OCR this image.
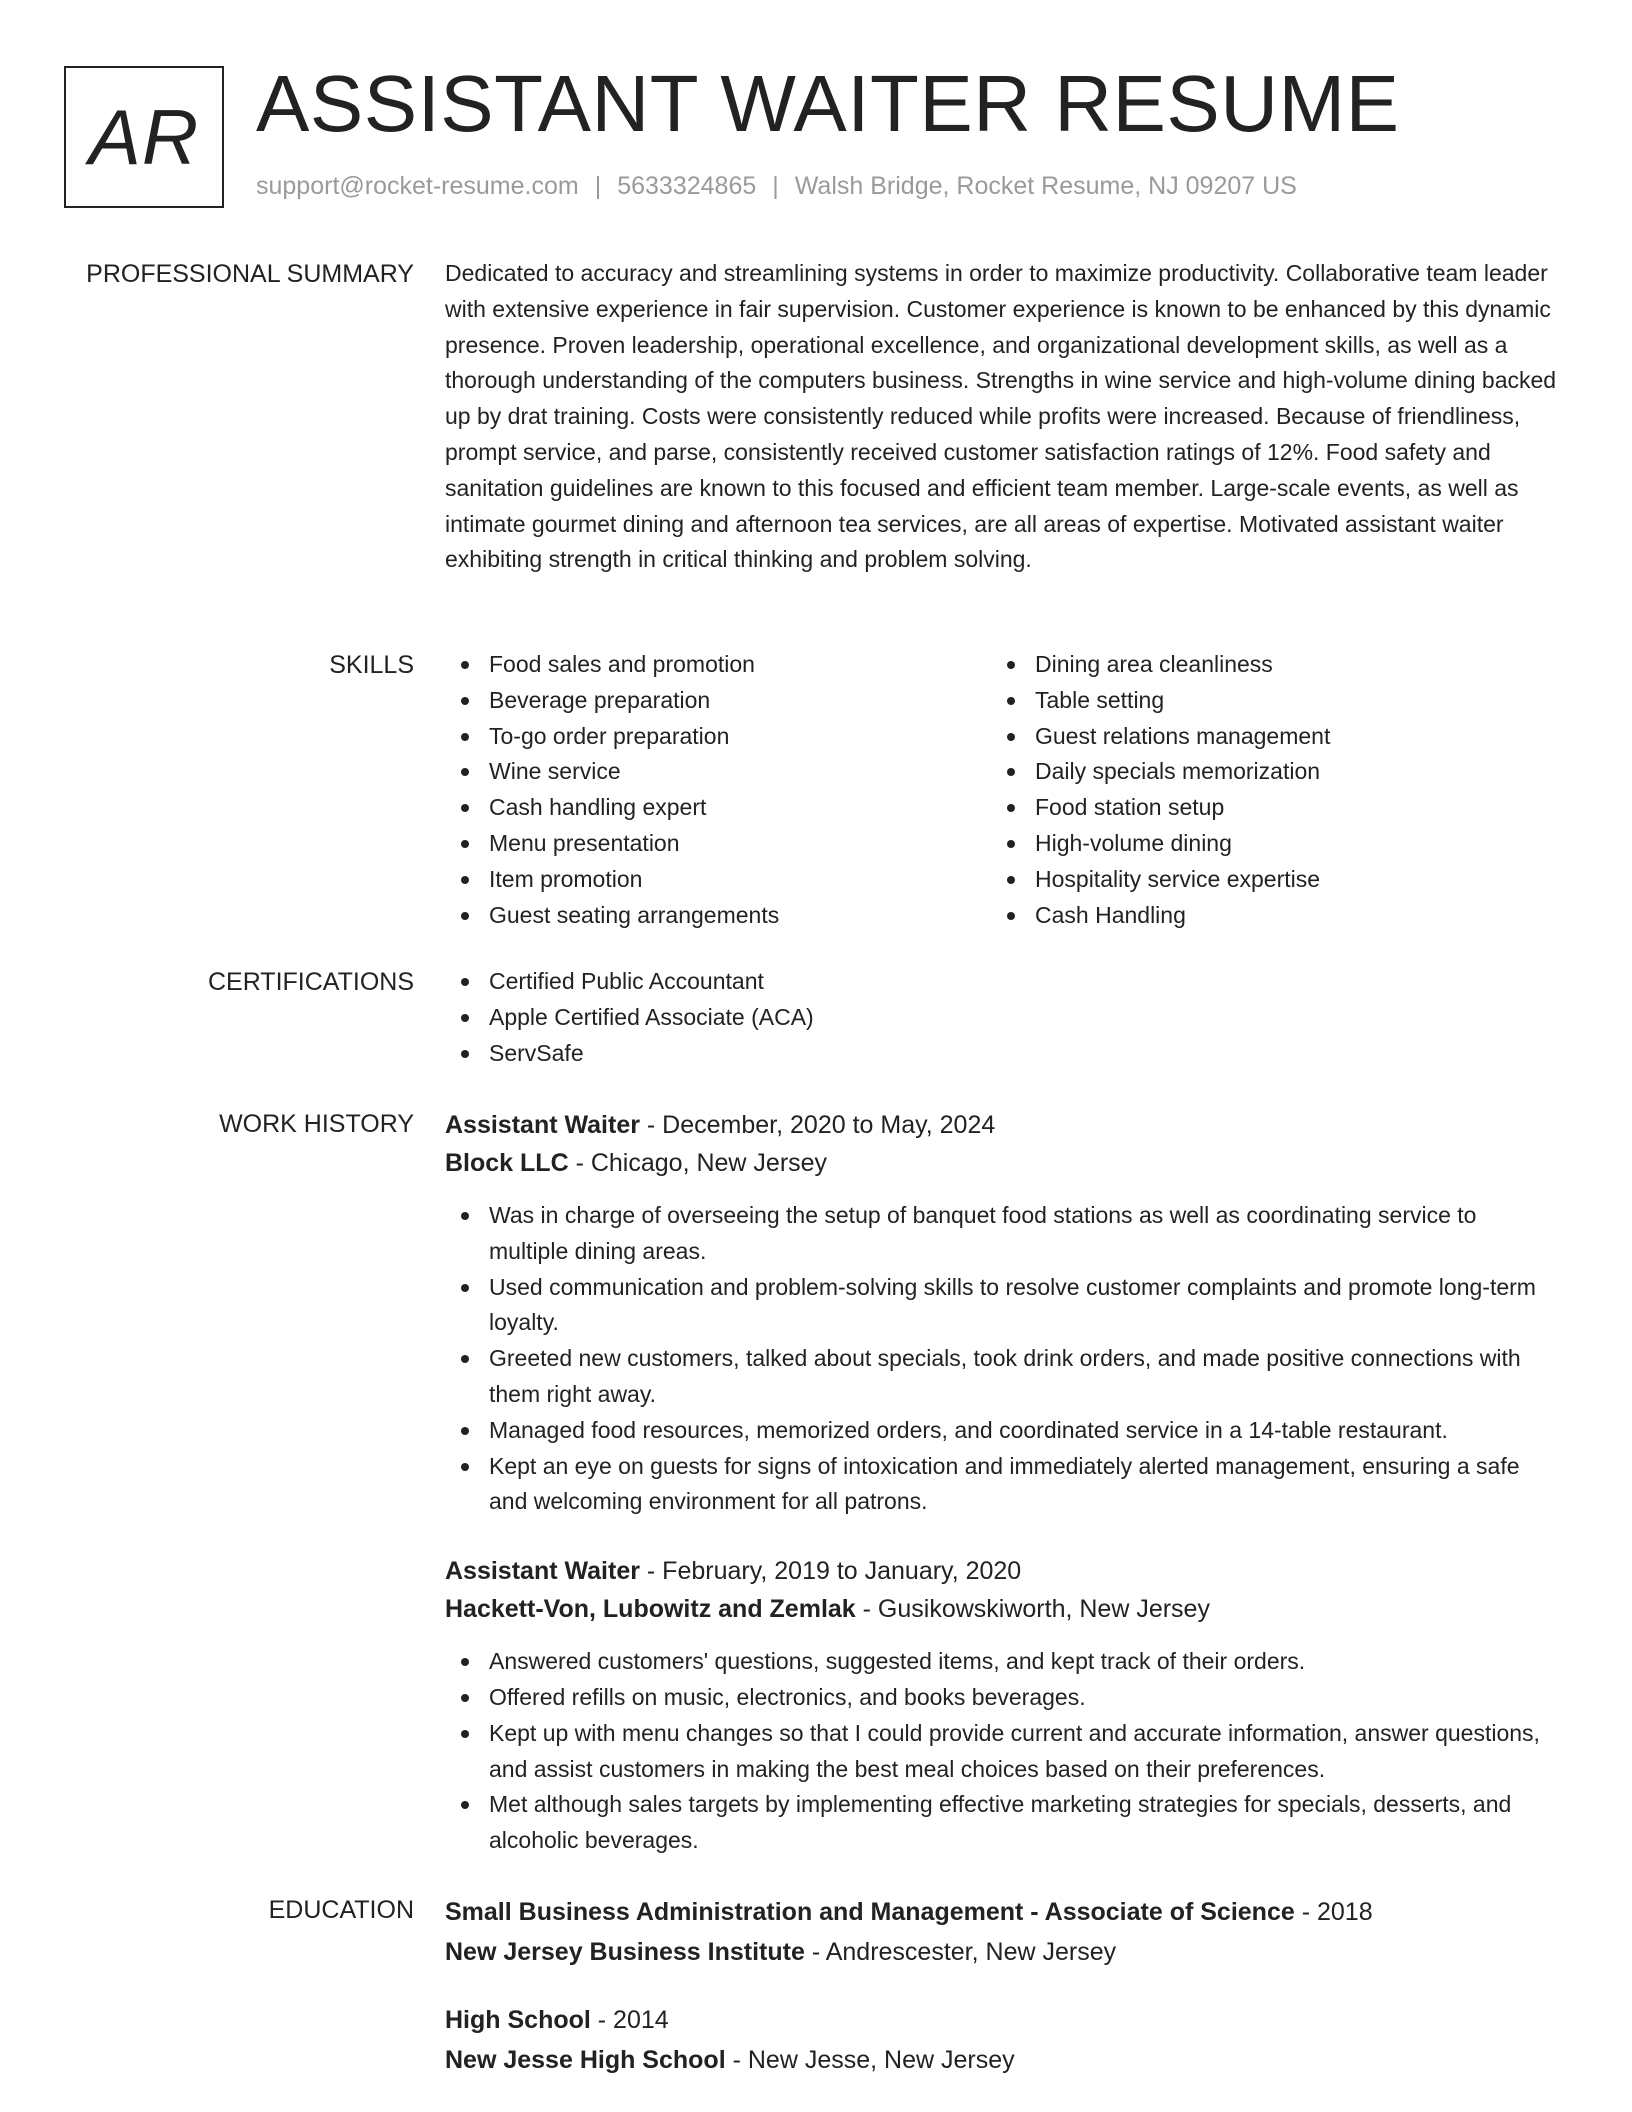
AR ASSISTANT WAITER RESUME
support@rocket-resume.com | 5633324865 | Walsh Bridge, Rocket Resume, NJ 09207 US
PROFESSIONAL SUMMARY Dedicated to accuracy and streamlining systems in order to maximize productivity. Collaborative team leader with extensive experience in fair supervision. Customer experience is known to be enhanced by this dynamic presence. Proven leadership, operational excellence, and organizational development skills, as well as a thorough understanding of the computers business. Strengths in wine service and high-volume dining backed up by drat training. Costs were consistently reduced while profits were increased. Because of friendliness, prompt service, and parse, consistently received customer satisfaction ratings of 12%. Food safety and sanitation guidelines are known to this focused and efficient team member. Large-scale events, as well as intimate gourmet dining and afternoon tea services, are all areas of expertise. Motivated assistant waiter exhibiting strength in critical thinking and problem solving.
SKILLS	Food sales and promotion
Beverage preparation
To-go order preparation
Wine service
Cash handling expert
Menu presentation
Item promotion
Guest seating arrangements
Dining area cleanliness
Table setting
Guest relations management
Daily specials memorization
Food station setup
High-volume dining
Hospitality service expertise
Cash Handling
CERTIFICATIONS	Certified Public Accountant
Apple Certified Associate (ACA)
ServSafe
WORK HISTORY Assistant Waiter - December, 2020 to May, 2024
Block LLC - Chicago, New Jersey
Was in charge of overseeing the setup of banquet food stations as well as coordinating service to multiple dining areas.
Used communication and problem-solving skills to resolve customer complaints and promote long-term loyalty.
Greeted new customers, talked about specials, took drink orders, and made positive connections with them right away.
Managed food resources, memorized orders, and coordinated service in a 14-table restaurant.
Kept an eye on guests for signs of intoxication and immediately alerted management, ensuring a safe and welcoming environment for all patrons.
Assistant Waiter - February, 2019 to January, 2020
Hackett-Von, Lubowitz and Zemlak - Gusikowskiworth, New Jersey
Answered customers' questions, suggested items, and kept track of their orders.
Offered refills on music, electronics, and books beverages.
Kept up with menu changes so that I could provide current and accurate information, answer questions, and assist customers in making the best meal choices based on their preferences.
Met although sales targets by implementing effective marketing strategies for specials, desserts, and alcoholic beverages.
EDUCATION Small Business Administration and Management - Associate of Science - 2018
New Jersey Business Institute - Andrescester, New Jersey
High School - 2014
New Jesse High School - New Jesse, New Jersey
